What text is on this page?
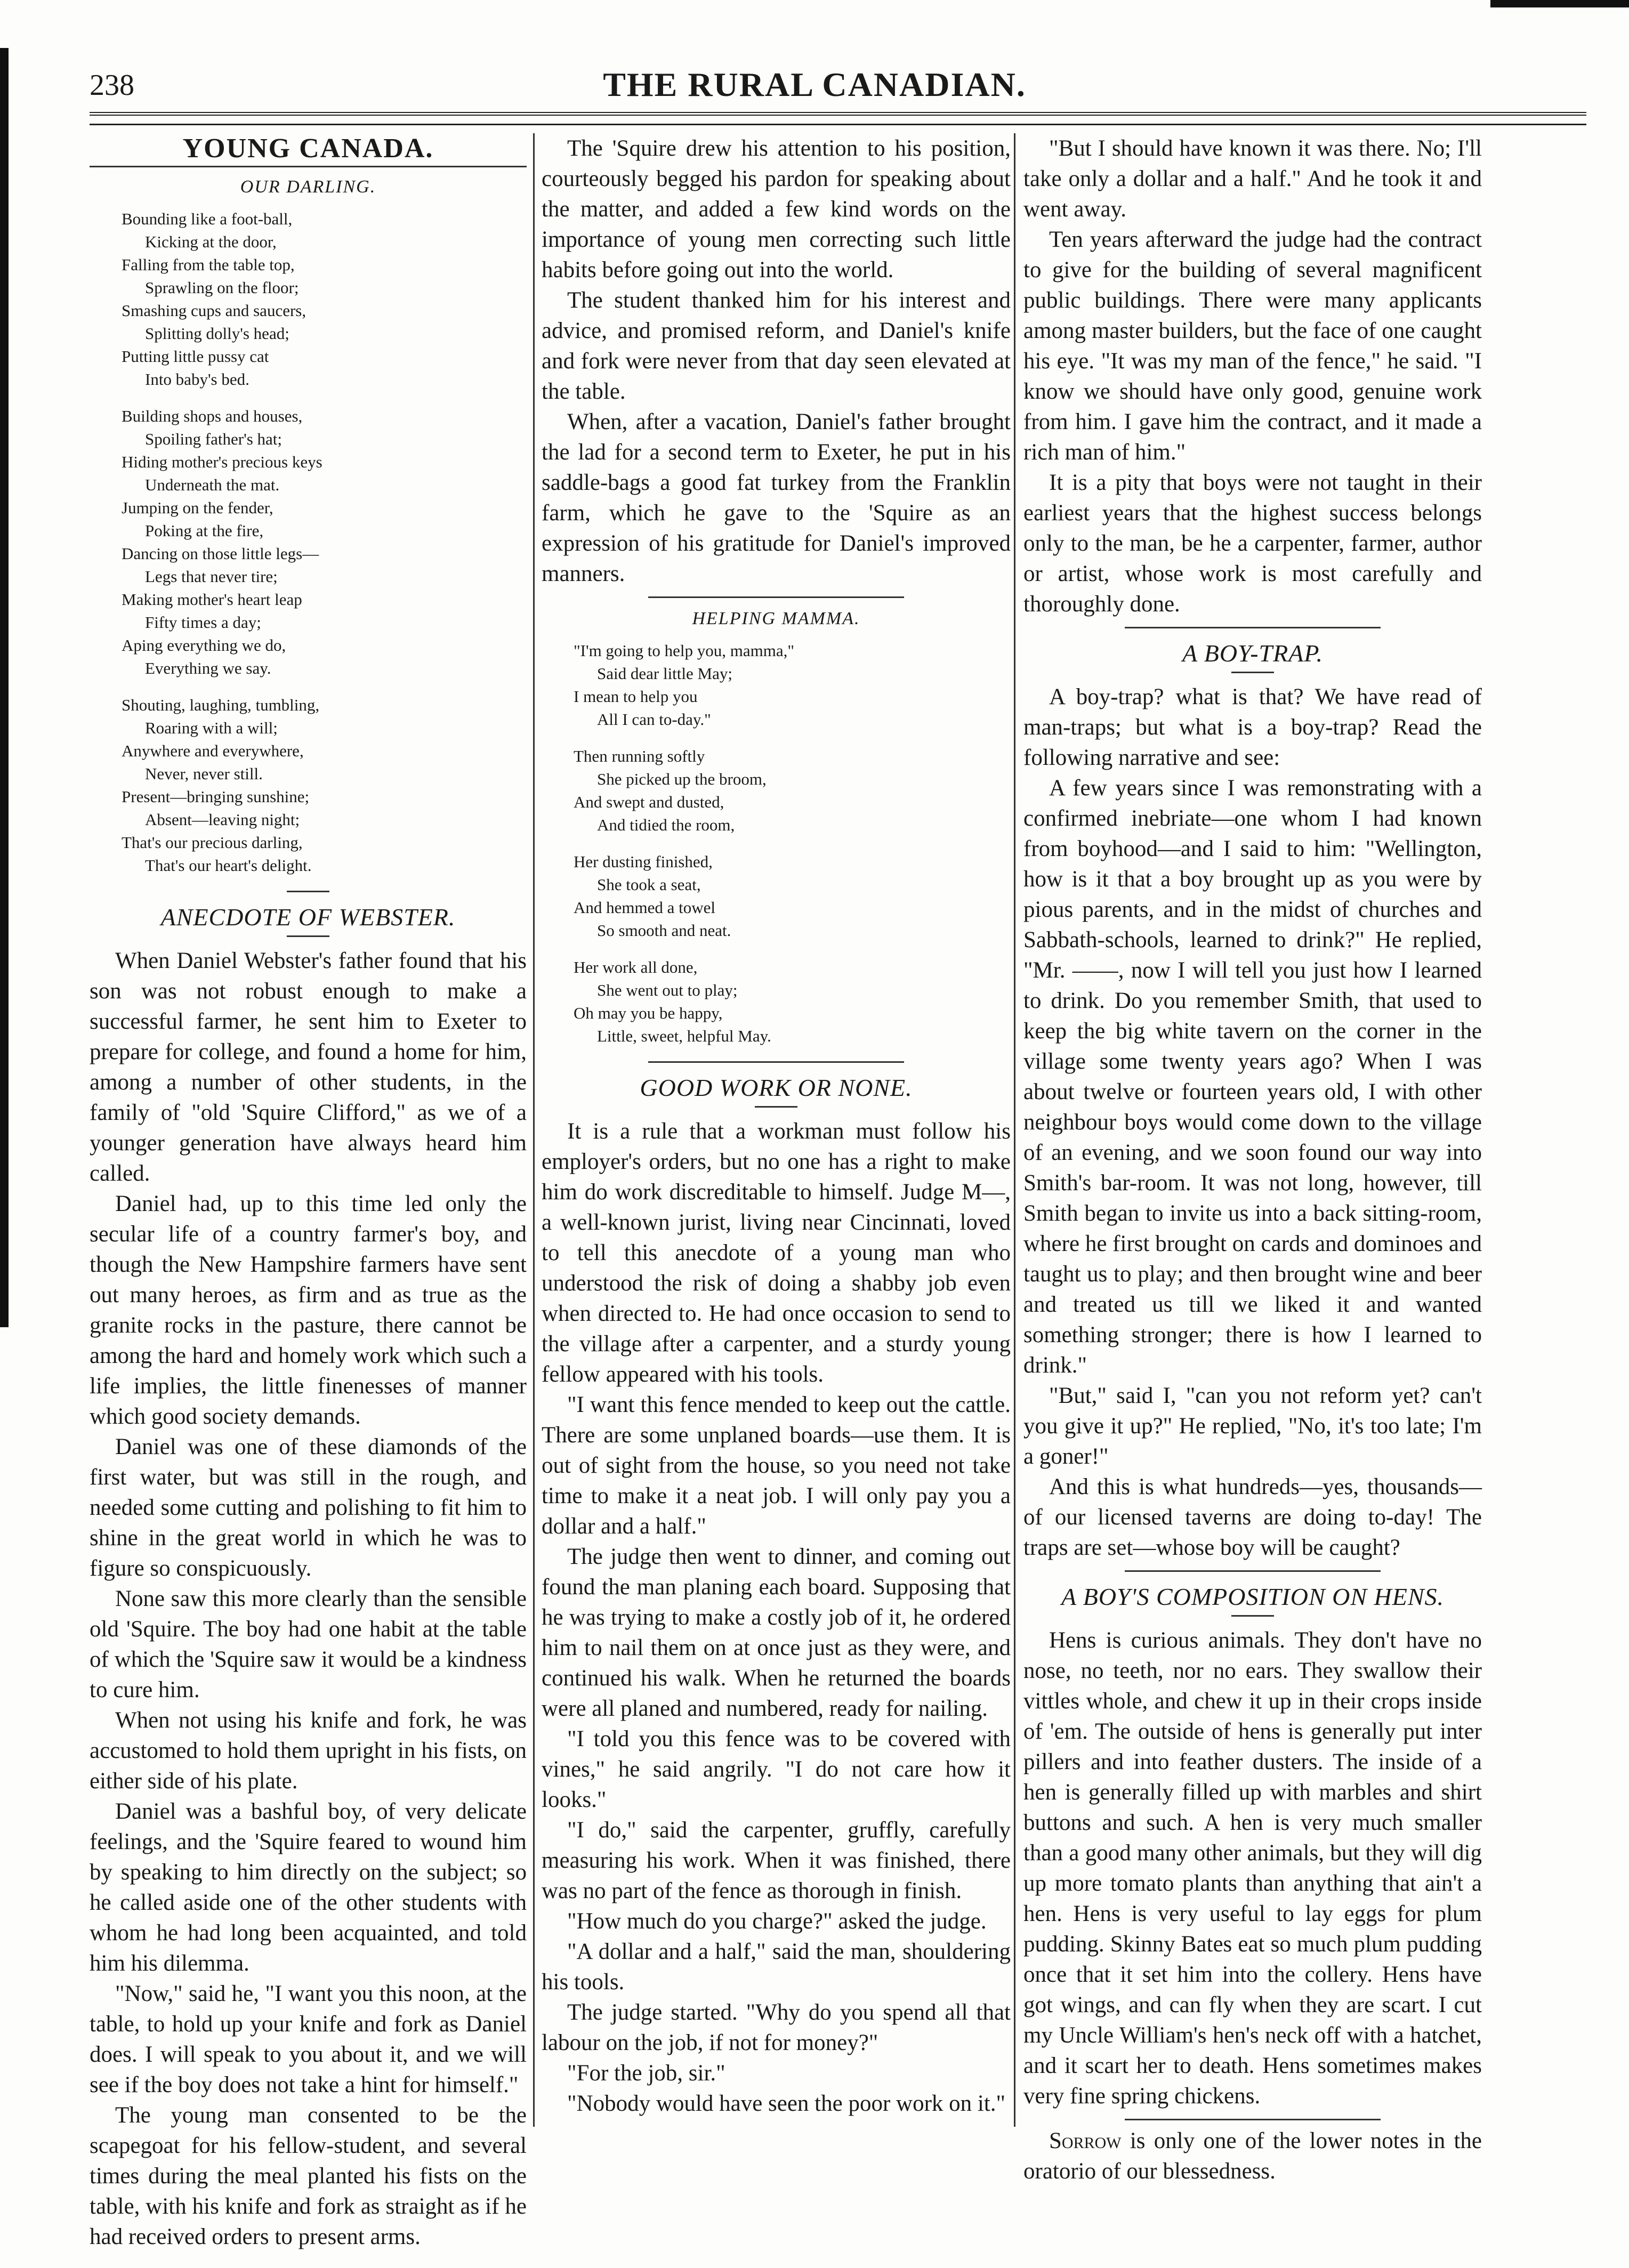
238	THE RURAL CANADIAN.
YOUNG CANADA.
OUR DARLING.
Bounding like a foot-ball,
Kicking at the door,
Falling from the table top,
Sprawling on the floor;
Smashing cups and saucers,
Splitting dolly's head;
Putting little pussy cat
Into baby's bed.
Building shops and houses,
Spoiling father's hat;
Hiding mother's precious keys
Underneath the mat.
Jumping on the fender,
Poking at the fire,
Dancing on those little legs—
Legs that never tire;
Making mother's heart leap
Fifty times a day;
Aping everything we do,
Everything we say.
Shouting, laughing, tumbling,
Roaring with a will;
Anywhere and everywhere,
Never, never still.
Present—bringing sunshine;
Absent—leaving night;
That's our precious darling,
That's our heart's delight.
ANECDOTE OF WEBSTER.

When Daniel Webster's father found that his son was not robust enough to make a successful farmer, he sent him to Exeter to prepare for college, and found a home for him, among a number of other students, in the family of "old 'Squire Clifford," as we of a younger generation have always heard him called.

Daniel had, up to this time led only the secular life of a country farmer's boy, and though the New Hampshire farmers have sent out many heroes, as firm and as true as the granite rocks in the pasture, there cannot be among the hard and homely work which such a life implies, the little finenesses of manner which good society demands.

Daniel was one of these diamonds of the first water, but was still in the rough, and needed some cutting and polishing to fit him to shine in the great world in which he was to figure so conspicuously.

None saw this more clearly than the sensible old 'Squire. The boy had one habit at the table of which the 'Squire saw it would be a kindness to cure him.

When not using his knife and fork, he was accustomed to hold them upright in his fists, on either side of his plate.

Daniel was a bashful boy, of very delicate feelings, and the 'Squire feared to wound him by speaking to him directly on the subject; so he called aside one of the other students with whom he had long been acquainted, and told him his dilemma.

"Now," said he, "I want you this noon, at the table, to hold up your knife and fork as Daniel does. I will speak to you about it, and we will see if the boy does not take a hint for himself."

The young man consented to be the scapegoat for his fellow-student, and several times during the meal planted his fists on the table, with his knife and fork as straight as if he had received orders to present arms.

The 'Squire drew his attention to his position, courteously begged his pardon for speaking about the matter, and added a few kind words on the importance of young men correcting such little habits before going out into the world.

The student thanked him for his interest and advice, and promised reform, and Daniel's knife and fork were never from that day seen elevated at the table.

When, after a vacation, Daniel's father brought the lad for a second term to Exeter, he put in his saddle-bags a good fat turkey from the Franklin farm, which he gave to the 'Squire as an expression of his gratitude for Daniel's improved manners.

HELPING MAMMA.
"I'm going to help you, mamma,"
Said dear little May;
I mean to help you
All I can to-day."
Then running softly
She picked up the broom,
And swept and dusted,
And tidied the room,
Her dusting finished,
She took a seat,
And hemmed a towel
So smooth and neat.
Her work all done,
She went out to play;
Oh may you be happy,
Little, sweet, helpful May.
GOOD WORK OR NONE.

It is a rule that a workman must follow his employer's orders, but no one has a right to make him do work discreditable to himself. Judge M—, a well-known jurist, living near Cincinnati, loved to tell this anecdote of a young man who understood the risk of doing a shabby job even when directed to. He had once occasion to send to the village after a carpenter, and a sturdy young fellow appeared with his tools.

"I want this fence mended to keep out the cattle. There are some unplaned boards—use them. It is out of sight from the house, so you need not take time to make it a neat job. I will only pay you a dollar and a half."

The judge then went to dinner, and coming out found the man planing each board. Supposing that he was trying to make a costly job of it, he ordered him to nail them on at once just as they were, and continued his walk. When he returned the boards were all planed and numbered, ready for nailing.

"I told you this fence was to be covered with vines," he said angrily. "I do not care how it looks."

"I do," said the carpenter, gruffly, carefully measuring his work. When it was finished, there was no part of the fence as thorough in finish.

"How much do you charge?" asked the judge.

"A dollar and a half," said the man, shouldering his tools.

The judge started. "Why do you spend all that labour on the job, if not for money?"

"For the job, sir."

"Nobody would have seen the poor work on it."

"But I should have known it was there. No; I'll take only a dollar and a half." And he took it and went away.

Ten years afterward the judge had the contract to give for the building of several magnificent public buildings. There were many applicants among master builders, but the face of one caught his eye. "It was my man of the fence," he said. "I know we should have only good, genuine work from him. I gave him the contract, and it made a rich man of him."

It is a pity that boys were not taught in their earliest years that the highest success belongs only to the man, be he a carpenter, farmer, author or artist, whose work is most carefully and thoroughly done.

A BOY-TRAP.

A boy-trap? what is that? We have read of man-traps; but what is a boy-trap? Read the following narrative and see:

A few years since I was remonstrating with a confirmed inebriate—one whom I had known from boyhood—and I said to him: "Wellington, how is it that a boy brought up as you were by pious parents, and in the midst of churches and Sabbath-schools, learned to drink?" He replied, "Mr. ——, now I will tell you just how I learned to drink. Do you remember Smith, that used to keep the big white tavern on the corner in the village some twenty years ago? When I was about twelve or fourteen years old, I with other neighbour boys would come down to the village of an evening, and we soon found our way into Smith's bar-room. It was not long, however, till Smith began to invite us into a back sitting-room, where he first brought on cards and dominoes and taught us to play; and then brought wine and beer and treated us till we liked it and wanted something stronger; there is how I learned to drink."

"But," said I, "can you not reform yet? can't you give it up?" He replied, "No, it's too late; I'm a goner!"

And this is what hundreds—yes, thousands—of our licensed taverns are doing to-day! The traps are set—whose boy will be caught?

A BOY'S COMPOSITION ON HENS.

Hens is curious animals. They don't have no nose, no teeth, nor no ears. They swallow their vittles whole, and chew it up in their crops inside of 'em. The outside of hens is generally put inter pillers and into feather dusters. The inside of a hen is generally filled up with marbles and shirt buttons and such. A hen is very much smaller than a good many other animals, but they will dig up more tomato plants than anything that ain't a hen. Hens is very useful to lay eggs for plum pudding. Skinny Bates eat so much plum pudding once that it set him into the collery. Hens have got wings, and can fly when they are scart. I cut my Uncle William's hen's neck off with a hatchet, and it scart her to death. Hens sometimes makes very fine spring chickens.

Sorrow is only one of the lower notes in the oratorio of our blessedness.
